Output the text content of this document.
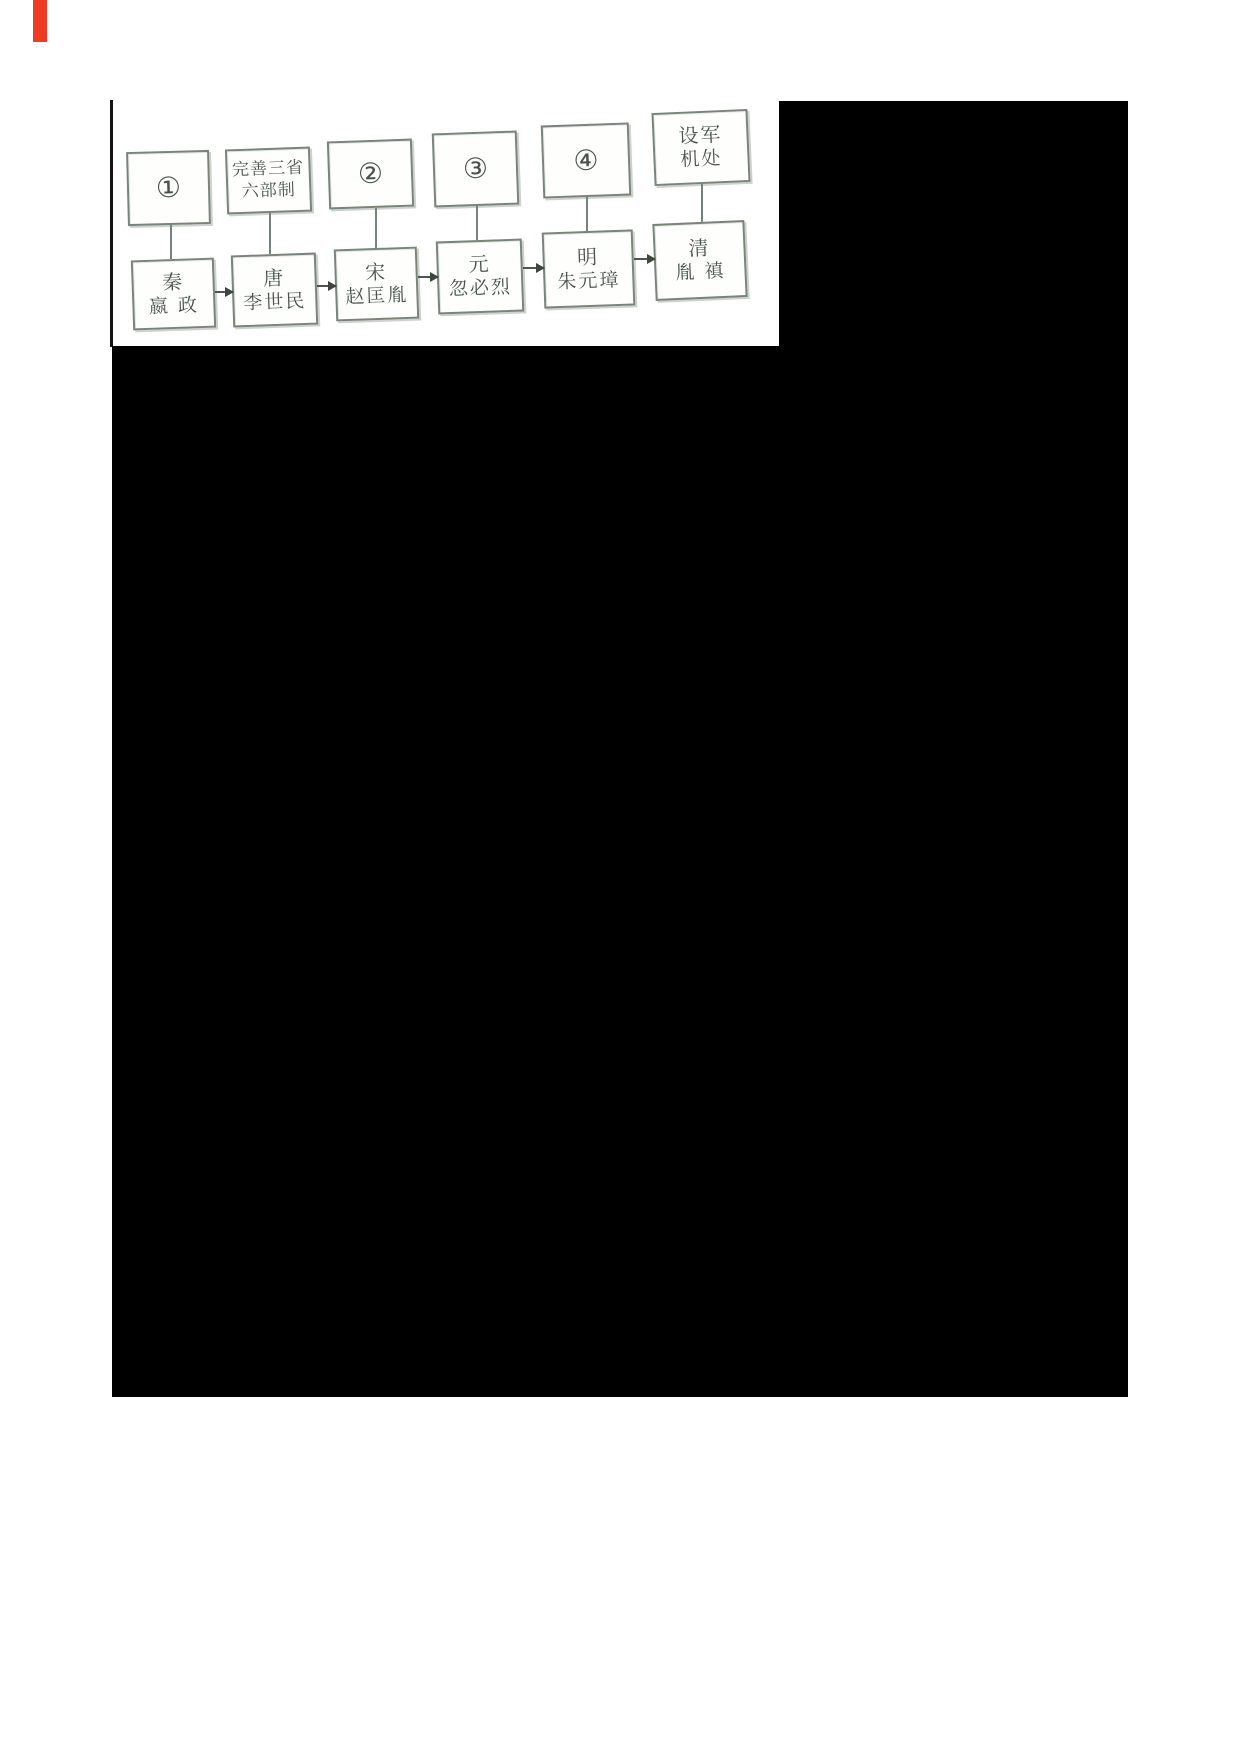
①
完善三省
六部制
②	③	④
设军
机处
秦
嬴 政
唐
李世民
宋
赵匡胤
元
忽必烈
明
朱元璋
清
胤 禛
